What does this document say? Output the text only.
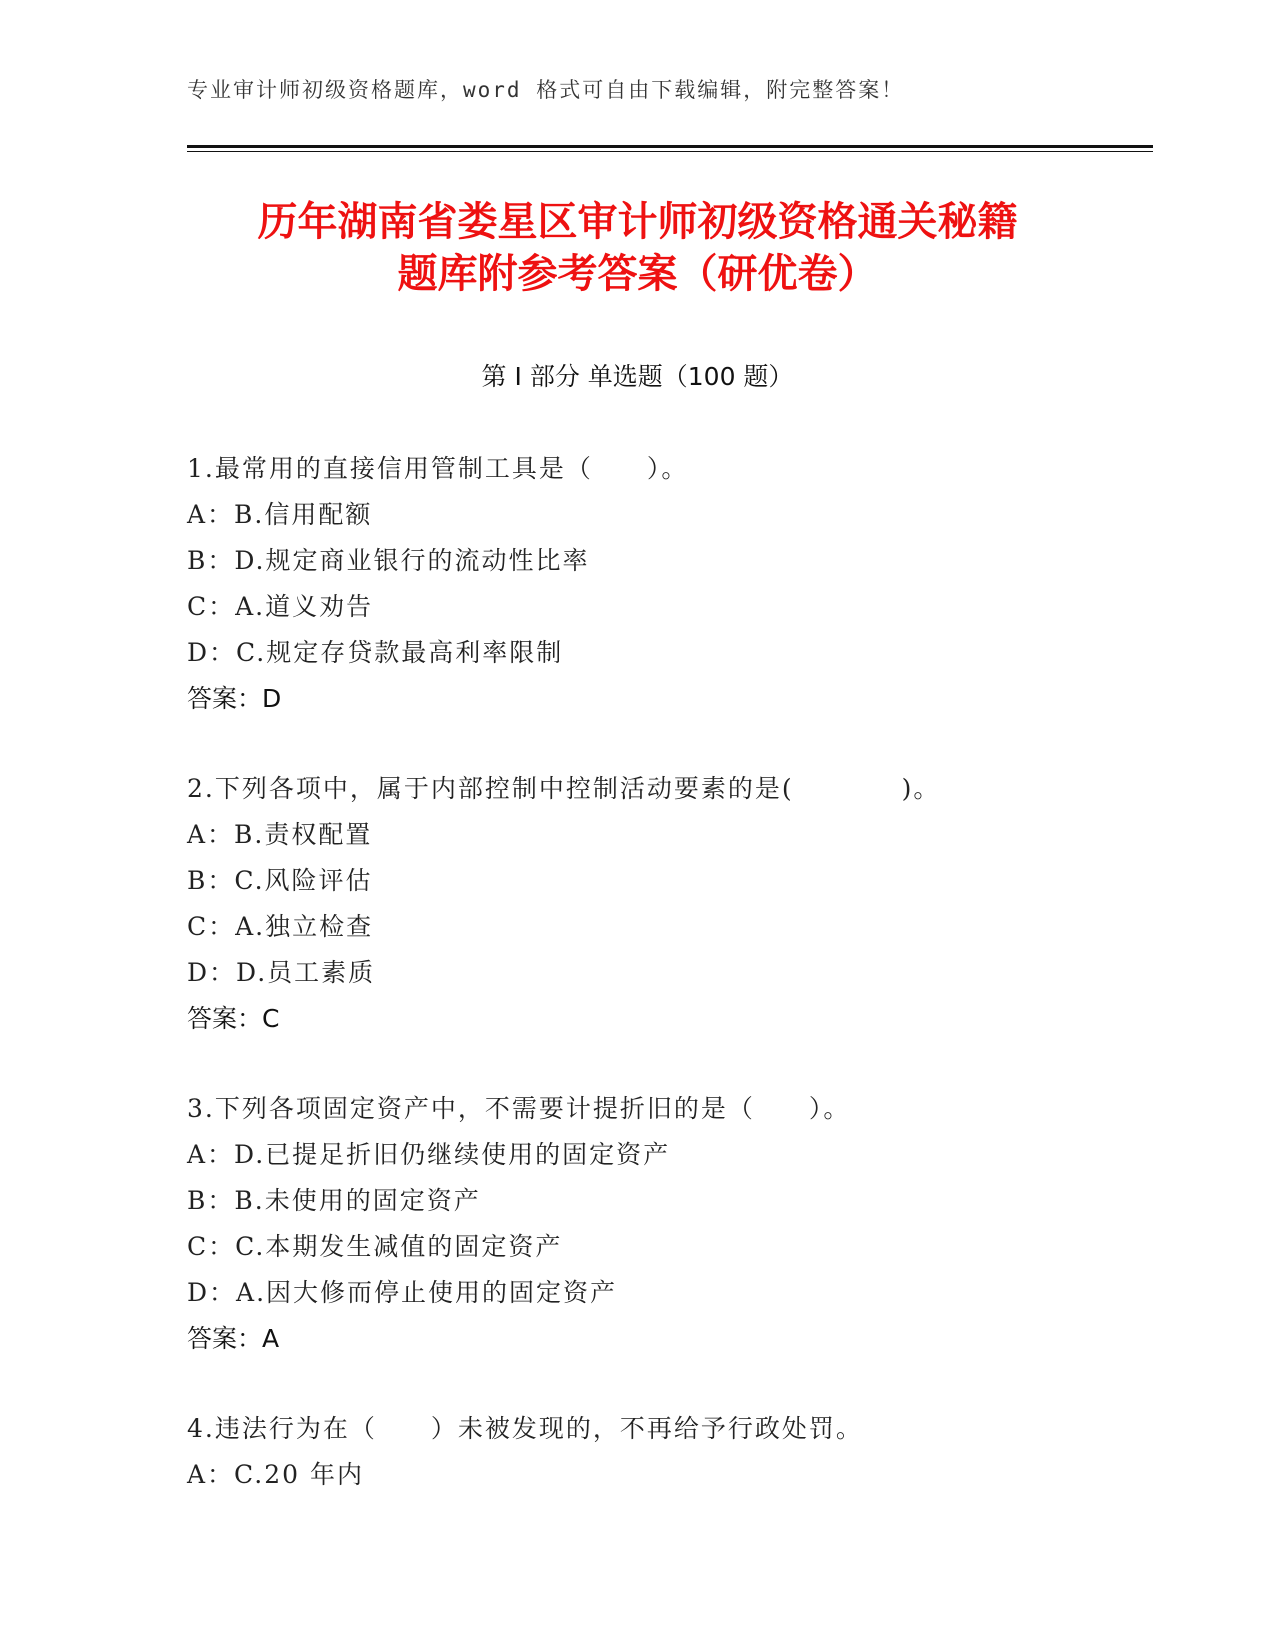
专业审计师初级资格题库，word 格式可自由下载编辑，附完整答案！
历年湖南省娄星区审计师初级资格通关秘籍
题库附参考答案（研优卷）
第 I 部分 单选题（100 题）
1.最常用的直接信用管制工具是（　　）。
A：B.信用配额
B：D.规定商业银行的流动性比率
C：A.道义劝告
D：C.规定存贷款最高利率限制
答案：D
2.下列各项中，属于内部控制中控制活动要素的是(　　　　)。
A：B.责权配置
B：C.风险评估
C：A.独立检查
D：D.员工素质
答案：C
3.下列各项固定资产中，不需要计提折旧的是（　　）。
A：D.已提足折旧仍继续使用的固定资产
B：B.未使用的固定资产
C：C.本期发生减值的固定资产
D：A.因大修而停止使用的固定资产
答案：A
4.违法行为在（　　）未被发现的，不再给予行政处罚。
A：C.20 年内
